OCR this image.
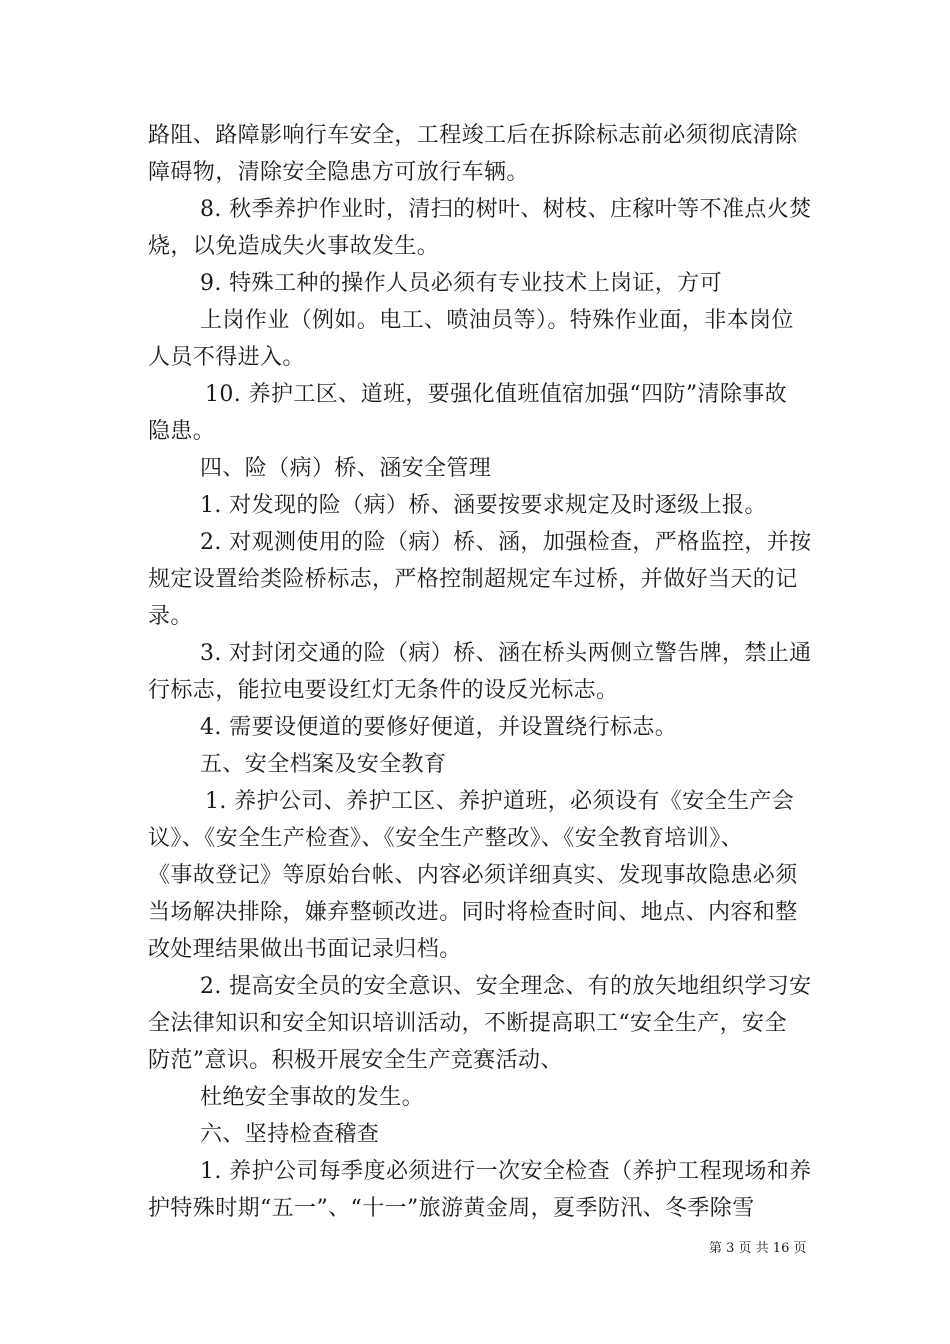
路阻、路障影响行车安全，工程竣工后在拆除标志前必须彻底清除
障碍物，清除安全隐患方可放行车辆。
8. 秋季养护作业时，清扫的树叶、树枝、庄稼叶等不准点火焚
烧，以免造成失火事故发生。
9. 特殊工种的操作人员必须有专业技术上岗证，方可
上岗作业（例如。电工、喷油员等）。特殊作业面，非本岗位
人员不得进入。
10. 养护工区、道班，要强化值班值宿加强“四防”清除事故
隐患。
四、险（病）桥、涵安全管理
1. 对发现的险（病）桥、涵要按要求规定及时逐级上报。
2. 对观测使用的险（病）桥、涵，加强检查，严格监控，并按
规定设置给类险桥标志，严格控制超规定车过桥，并做好当天的记
录。
3. 对封闭交通的险（病）桥、涵在桥头两侧立警告牌，禁止通
行标志，能拉电要设红灯无条件的设反光标志。
4. 需要设便道的要修好便道，并设置绕行标志。
五、安全档案及安全教育
1. 养护公司、养护工区、养护道班，必须设有《安全生产会
议》、《安全生产检查》、《安全生产整改》、《安全教育培训》、
《事故登记》等原始台帐、内容必须详细真实、发现事故隐患必须
当场解决排除，嫌弃整顿改进。同时将检查时间、地点、内容和整
改处理结果做出书面记录归档。
2. 提高安全员的安全意识、安全理念、有的放矢地组织学习安
全法律知识和安全知识培训活动，不断提高职工“安全生产，安全
防范”意识。积极开展安全生产竞赛活动、
杜绝安全事故的发生。
六、坚持检查稽查
1. 养护公司每季度必须进行一次安全检查（养护工程现场和养
护特殊时期“五一”、“十一”旅游黄金周，夏季防汛、冬季除雪
第 3 页 共 16 页
